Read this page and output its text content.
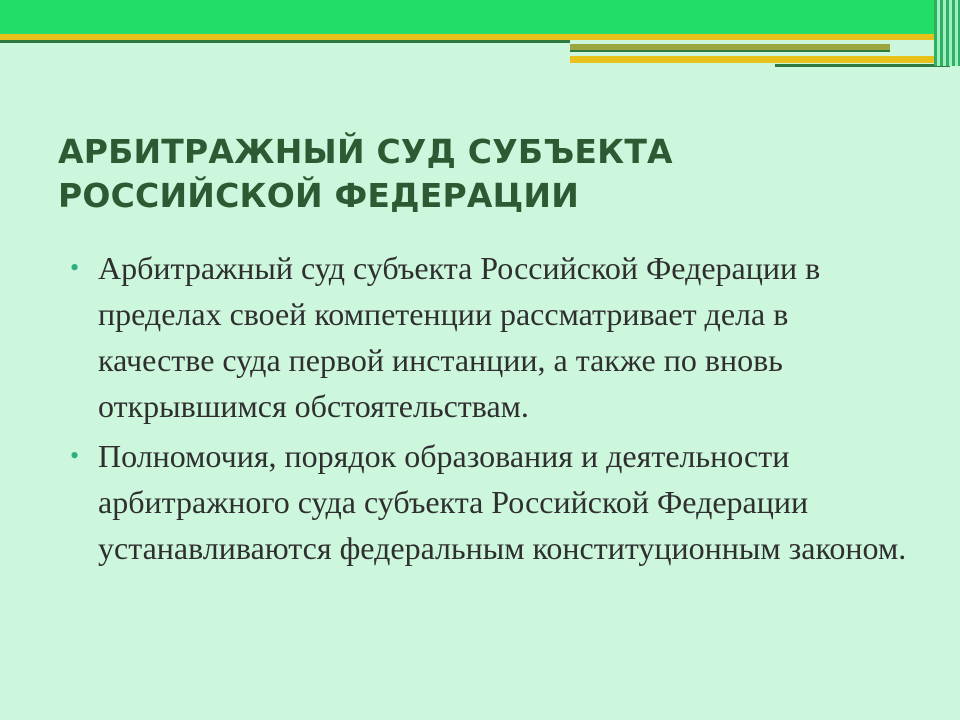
АРБИТРАЖНЫЙ СУД СУБЪЕКТА
РОССИЙСКОЙ ФЕДЕРАЦИИ
• Арбитражный суд субъекта Российской Федерации в пределах своей компетенции рассматривает дела в качестве суда первой инстанции, а также по вновь открывшимся обстоятельствам.
• Полномочия, порядок образования и деятельности арбитражного суда субъекта Российской Федерации устанавливаются федеральным конституционным законом.
